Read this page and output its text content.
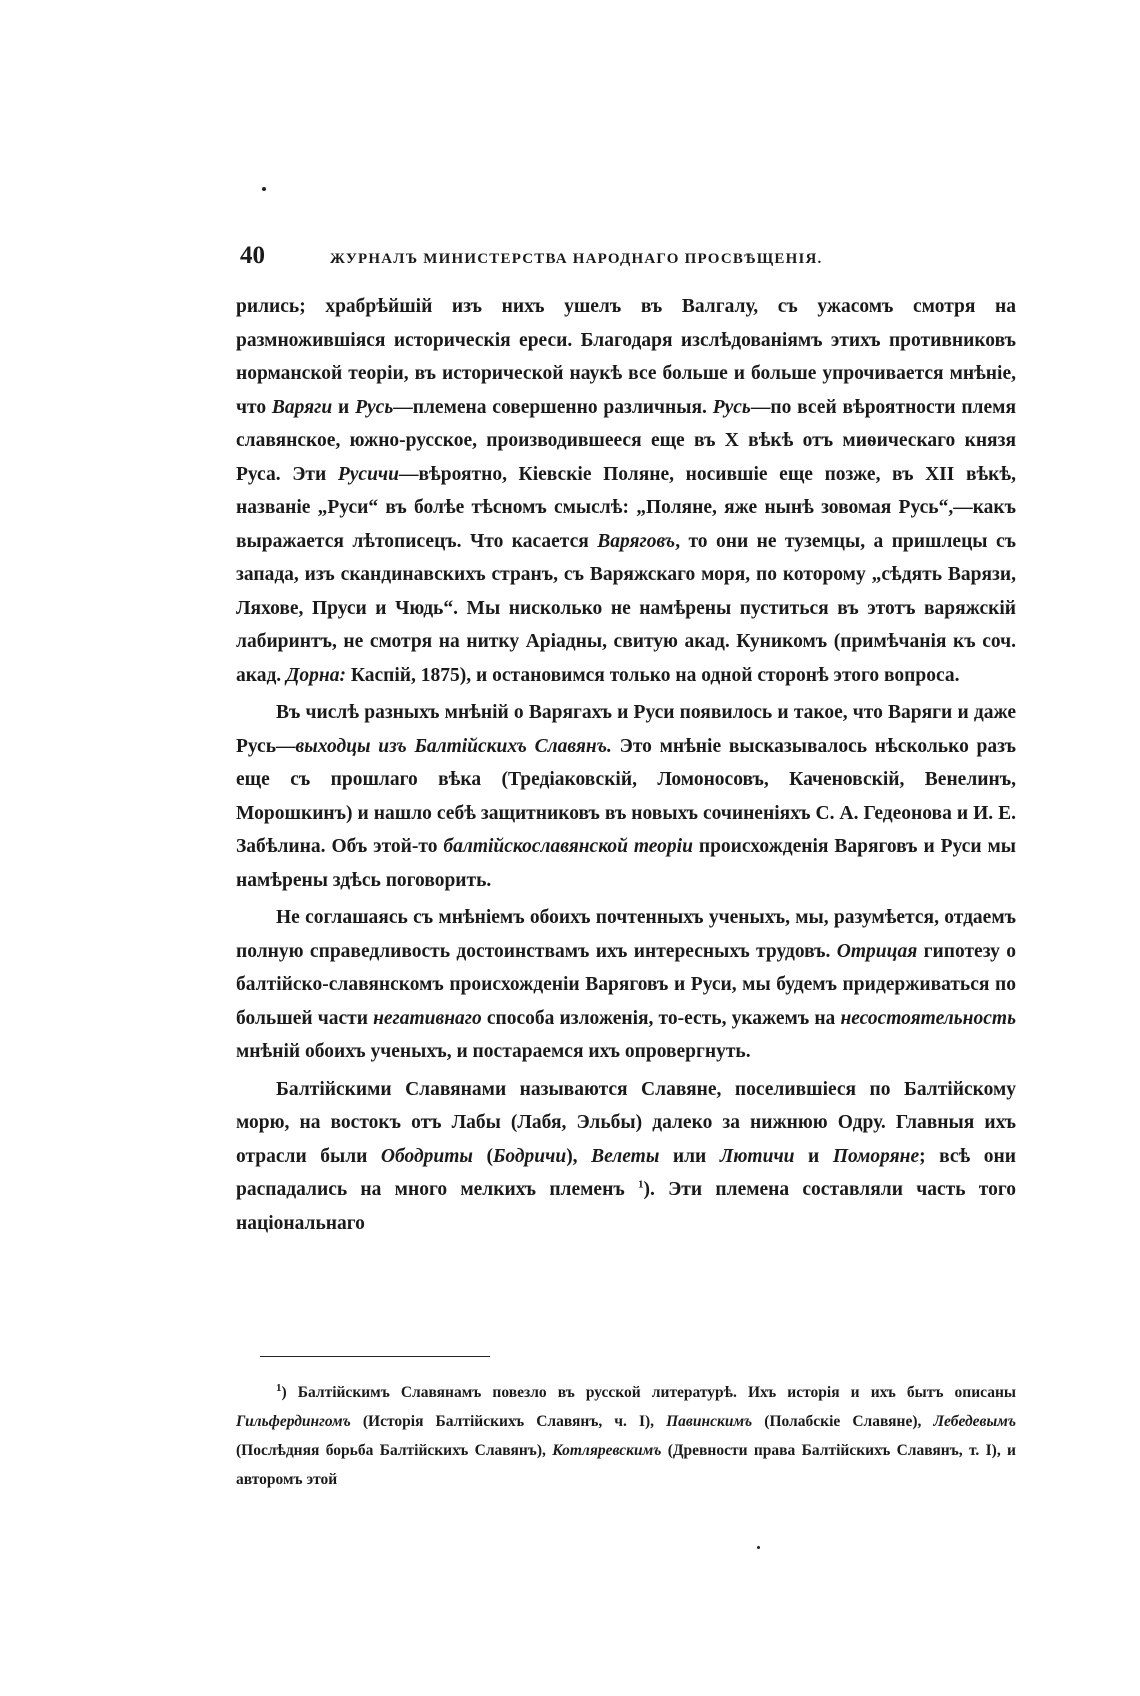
40	ЖУРНАЛЪ МИНИСТЕРСТВА НАРОДНАГО ПРОСВѢЩЕНІЯ.

рились; храбрѣйшій изъ нихъ ушелъ въ Валгалу, съ ужасомъ смотря на размножившіяся историческія ереси. Благодаря изслѣдованіямъ этихъ противниковъ норманской теоріи, въ исторической наукѣ все больше и больше упрочивается мнѣніе, что Варяги и Русь—племена совершенно различныя. Русь—по всей вѣроятности племя славянское, южно-русское, производившееся еще въ X вѣкѣ отъ миѳическаго князя Руса. Эти Русичи—вѣроятно, Кіевскіе Поляне, носившіе еще позже, въ XII вѣкѣ, названіе „Руси“ въ болѣе тѣсномъ смыслѣ: „Поляне, яже нынѣ зовомая Русь“,—какъ выражается лѣтописецъ. Что касается Варяговъ, то они не туземцы, а пришлецы съ запада, изъ скандинавскихъ странъ, съ Варяжскаго моря, по которому „сѣдять Варязи, Ляхове, Пруси и Чюдь“. Мы нисколько не намѣрены пуститься въ этотъ варяжскій лабиринтъ, не смотря на нитку Аріадны, свитую акад. Куникомъ (примѣчанія къ соч. акад. Дорна: Каспій, 1875), и остановимся только на одной сторонѣ этого вопроса.

Въ числѣ разныхъ мнѣній о Варягахъ и Руси появилось и такое, что Варяги и даже Русь—выходцы изъ Балтійскихъ Славянъ. Это мнѣніе высказывалось нѣсколько разъ еще съ прошлаго вѣка (Тредіаковскій, Ломоносовъ, Каченовскій, Венелинъ, Морошкинъ) и нашло себѣ защитниковъ въ новыхъ сочиненіяхъ С. А. Гедеонова и И. Е. Забѣлина. Объ этой-то балтійскославянской теоріи происхожденія Варяговъ и Руси мы намѣрены здѣсь поговорить.

Не соглашаясь съ мнѣніемъ обоихъ почтенныхъ ученыхъ, мы, разумѣется, отдаемъ полную справедливость достоинствамъ ихъ интересныхъ трудовъ. Отрицая гипотезу о балтійско-славянскомъ происхожденіи Варяговъ и Руси, мы будемъ придерживаться по большей части негативнаго способа изложенія, то-есть, укажемъ на несостоятельность мнѣній обоихъ ученыхъ, и постараемся ихъ опровергнуть.

Балтійскими Славянами называются Славяне, поселившіеся по Балтійскому морю, на востокъ отъ Лабы (Лабя, Эльбы) далеко за нижнюю Одру. Главныя ихъ отрасли были Ободриты (Бодричи), Велеты или Лютичи и Поморяне; всѣ они распадались на много мелкихъ племенъ $^1$). Эти племена составляли часть того національнаго

$^1$) Балтійскимъ Славянамъ повезло въ русской литературѣ. Ихъ исторія и ихъ бытъ описаны Гильфердингомъ (Исторія Балтійскихъ Славянъ, ч. I), Павинскимъ (Полабскіе Славяне), Лебедевымъ (Послѣдняя борьба Балтійскихъ Славянъ), Котляревскимъ (Древности права Балтійскихъ Славянъ, т. I), и авторомъ этой
